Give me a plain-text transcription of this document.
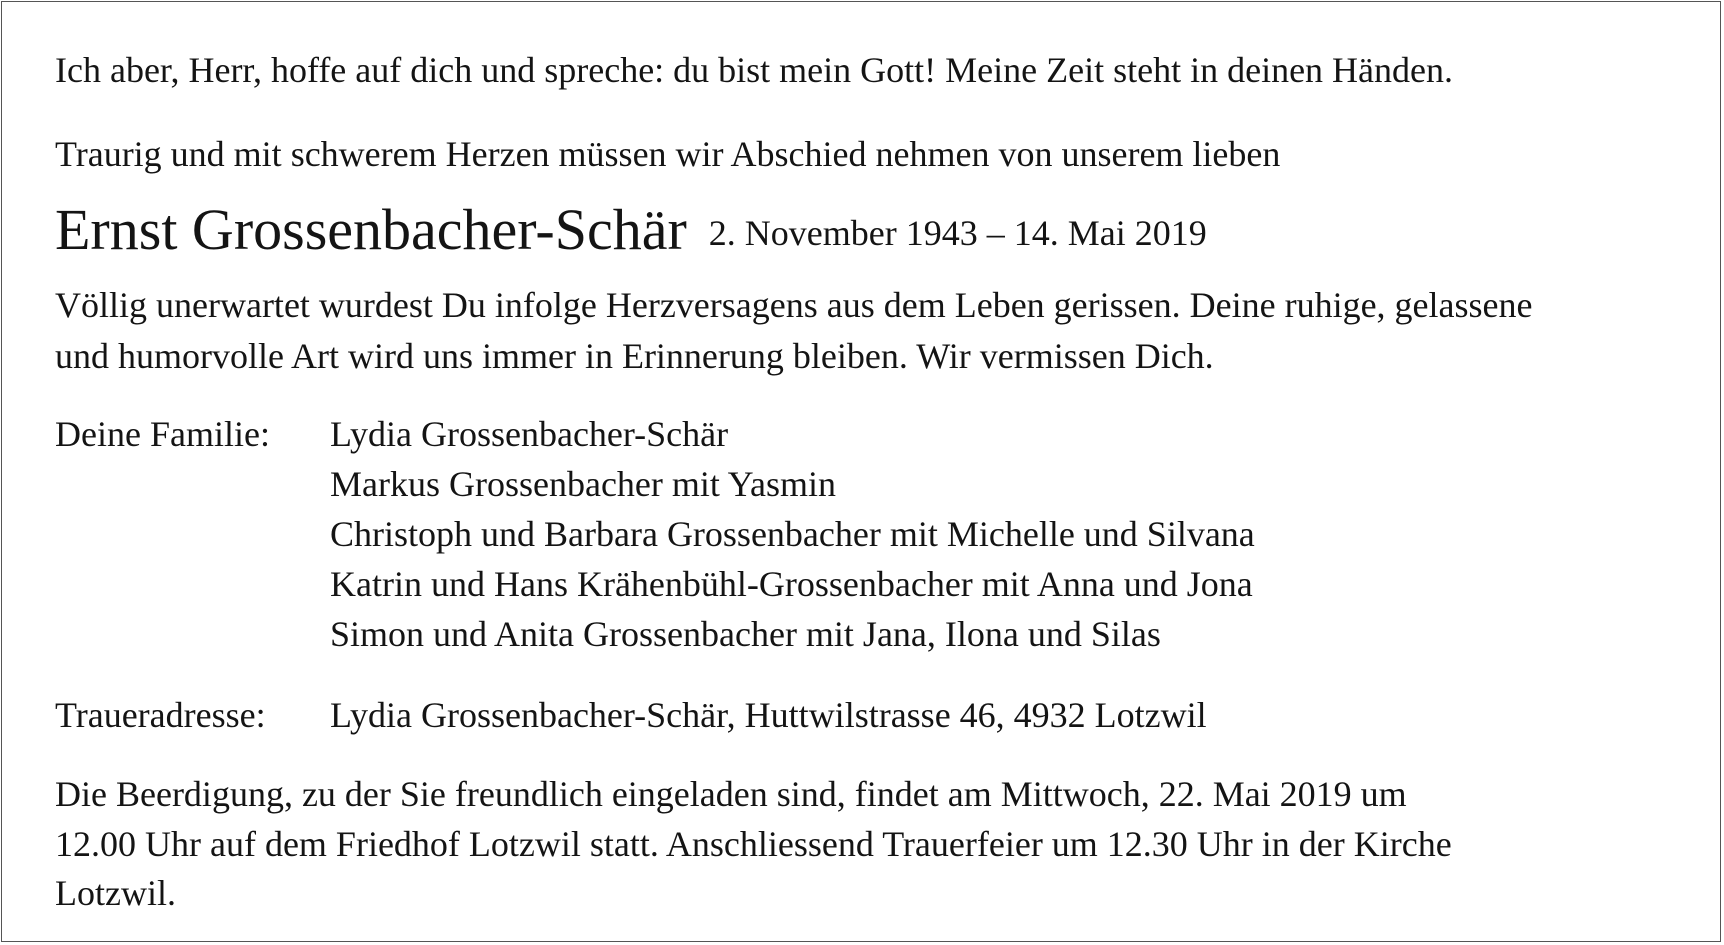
Ich aber, Herr, hoffe auf dich und spreche: du bist mein Gott! Meine Zeit steht in deinen Händen.

Traurig und mit schwerem Herzen müssen wir Abschied nehmen von unserem lieben

Ernst Grossenbacher-Schär 2. November 1943 – 14. Mai 2019

Völlig unerwartet wurdest Du infolge Herzversagens aus dem Leben gerissen. Deine ruhige, gelassene

und humorvolle Art wird uns immer in Erinnerung bleiben. Wir vermissen Dich.

Deine Familie: Lydia Grossenbacher-Schär
Markus Grossenbacher mit Yasmin
Christoph und Barbara Grossenbacher mit Michelle und Silvana
Katrin und Hans Krähenbühl-Grossenbacher mit Anna und Jona
Simon und Anita Grossenbacher mit Jana, Ilona und Silas
Traueradresse: Lydia Grossenbacher-Schär, Huttwilstrasse 46, 4932 Lotzwil

Die Beerdigung, zu der Sie freundlich eingeladen sind, findet am Mittwoch, 22. Mai 2019 um

12.00 Uhr auf dem Friedhof Lotzwil statt. Anschliessend Trauerfeier um 12.30 Uhr in der Kirche

Lotzwil.
